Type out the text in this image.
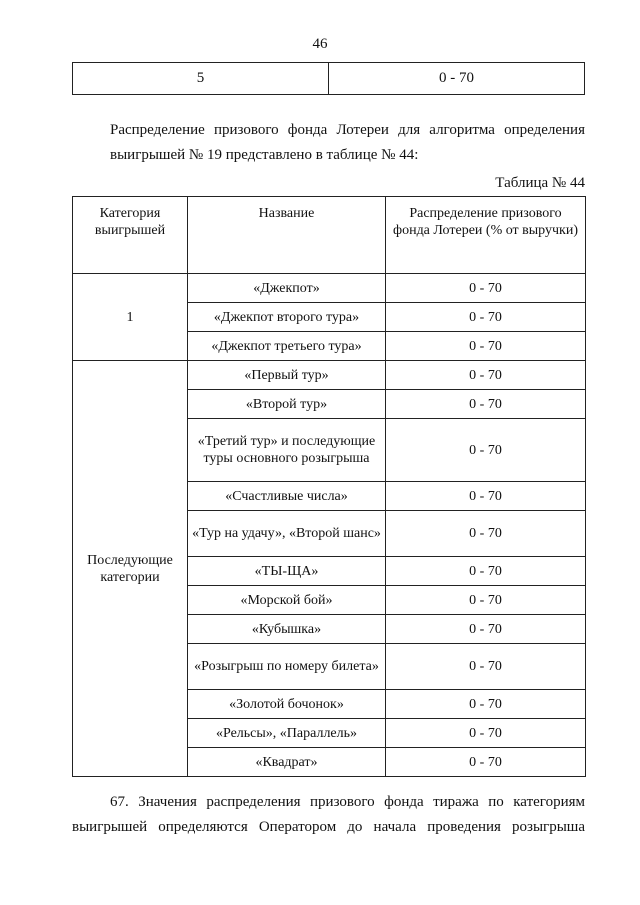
46
5	0 - 70
Распределение призового фонда Лотереи для алгоритма определения
выигрышей № 19 представлено в таблице № 44:
Таблица № 44
Категория выигрышей	Название	Распределение призового фонда Лотереи (% от выручки)
1	«Джекпот»	0 - 70
	«Джекпот второго тура»	0 - 70
	«Джекпот третьего тура»	0 - 70
Последующие категории	«Первый тур»	0 - 70
	«Второй тур»	0 - 70
	«Третий тур» и последующие туры основного розыгрыша	0 - 70
	«Счастливые числа»	0 - 70
	«Тур на удачу», «Второй шанс»	0 - 70
	«ТЫ-ЩА»	0 - 70
	«Морской бой»	0 - 70
	«Кубышка»	0 - 70
	«Розыгрыш по номеру билета»	0 - 70
	«Золотой бочонок»	0 - 70
	«Рельсы», «Параллель»	0 - 70
	«Квадрат»	0 - 70
67. Значения распределения призового фонда тиража по категориям выигрышей определяются Оператором до начала проведения розыгрыша
